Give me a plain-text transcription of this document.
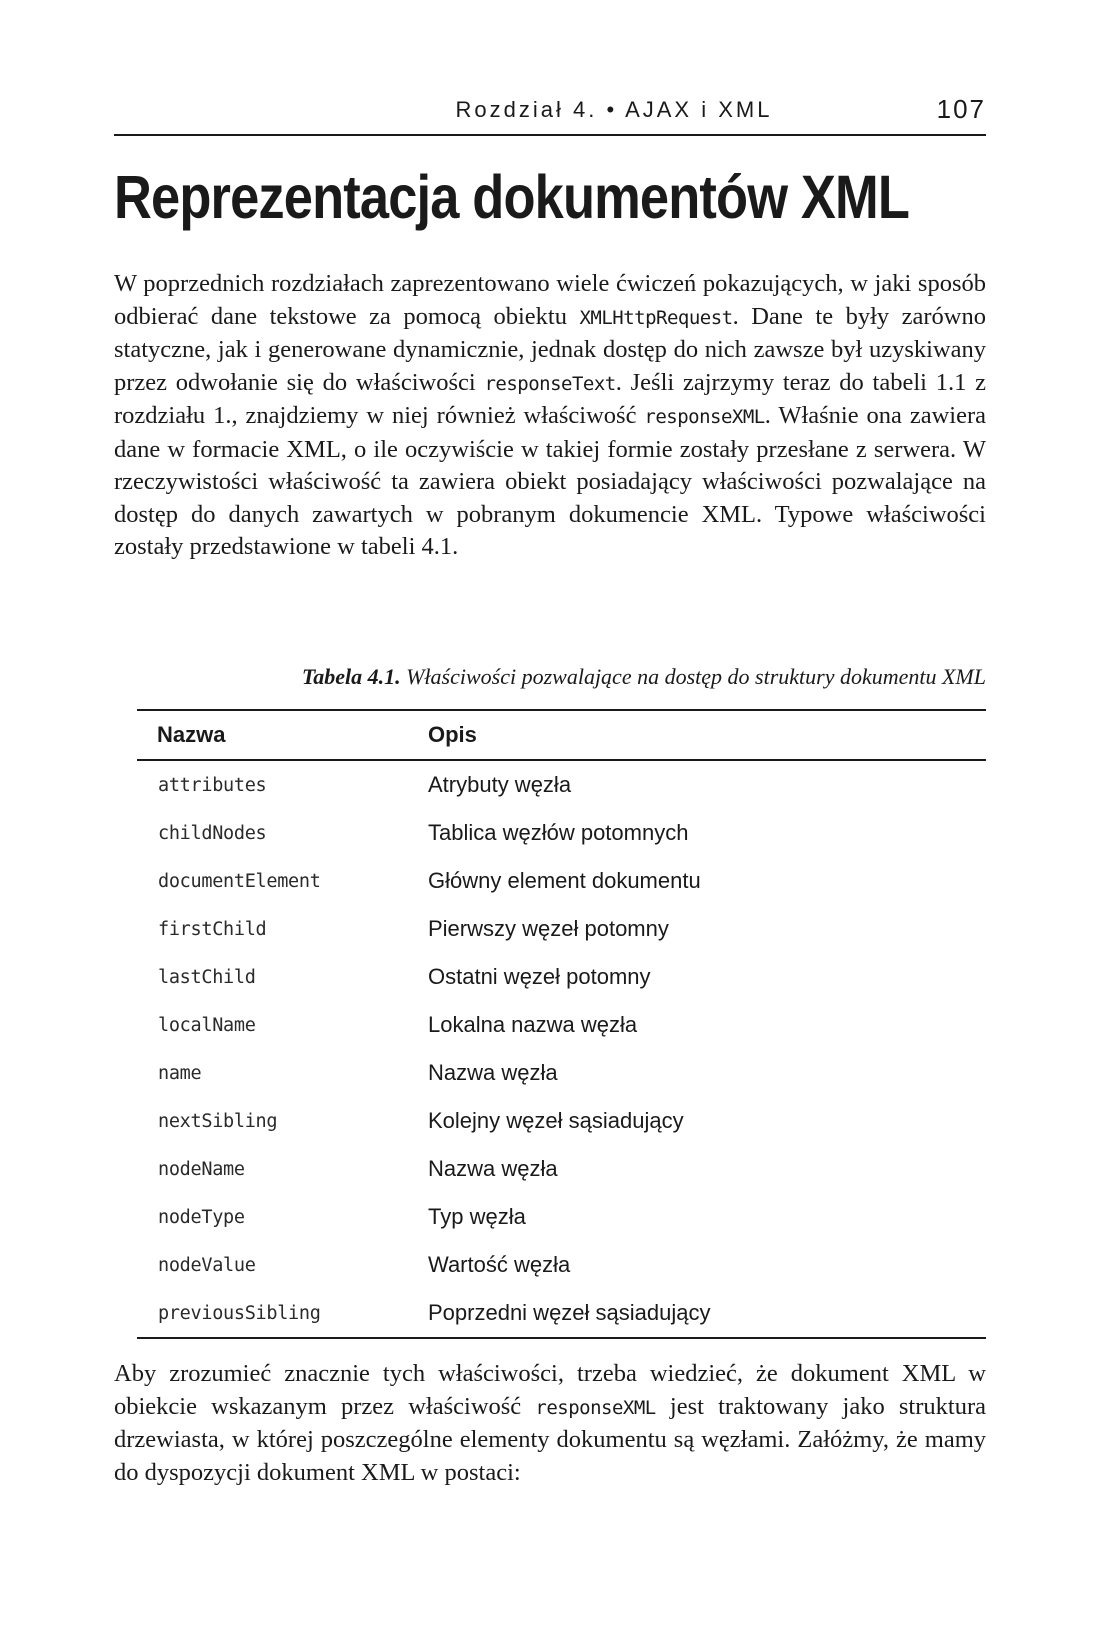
Rozdział 4. • AJAX i XML	107
Reprezentacja dokumentów XML

W poprzednich rozdziałach zaprezentowano wiele ćwiczeń pokazujących, w jaki sposób odbierać dane tekstowe za pomocą obiektu XMLHttpRequest. Dane te były zarówno statyczne, jak i generowane dynamicznie, jednak dostęp do nich zawsze był uzyskiwany przez odwołanie się do właściwości responseText. Jeśli zajrzymy teraz do tabeli 1.1 z rozdziału 1., znajdziemy w niej również właściwość responseXML. Właśnie ona zawiera dane w formacie XML, o ile oczywiście w takiej formie zostały przesłane z serwera. W rzeczywistości właściwość ta zawiera obiekt posiadający właściwości pozwalające na dostęp do danych zawartych w pobranym dokumencie XML. Typowe właściwości zostały przedstawione w tabeli 4.1.

Tabela 4.1. Właściwości pozwalające na dostęp do struktury dokumentu XML
Nazwa	Opis
attributes	Atrybuty węzła
childNodes	Tablica węzłów potomnych
documentElement	Główny element dokumentu
firstChild	Pierwszy węzeł potomny
lastChild	Ostatni węzeł potomny
localName	Lokalna nazwa węzła
name	Nazwa węzła
nextSibling	Kolejny węzeł sąsiadujący
nodeName	Nazwa węzła
nodeType	Typ węzła
nodeValue	Wartość węzła
previousSibling	Poprzedni węzeł sąsiadujący

Aby zrozumieć znacznie tych właściwości, trzeba wiedzieć, że dokument XML w obiekcie wskazanym przez właściwość responseXML jest traktowany jako struktura drzewiasta, w której poszczególne elementy dokumentu są węzłami. Załóżmy, że mamy do dyspozycji dokument XML w postaci:
